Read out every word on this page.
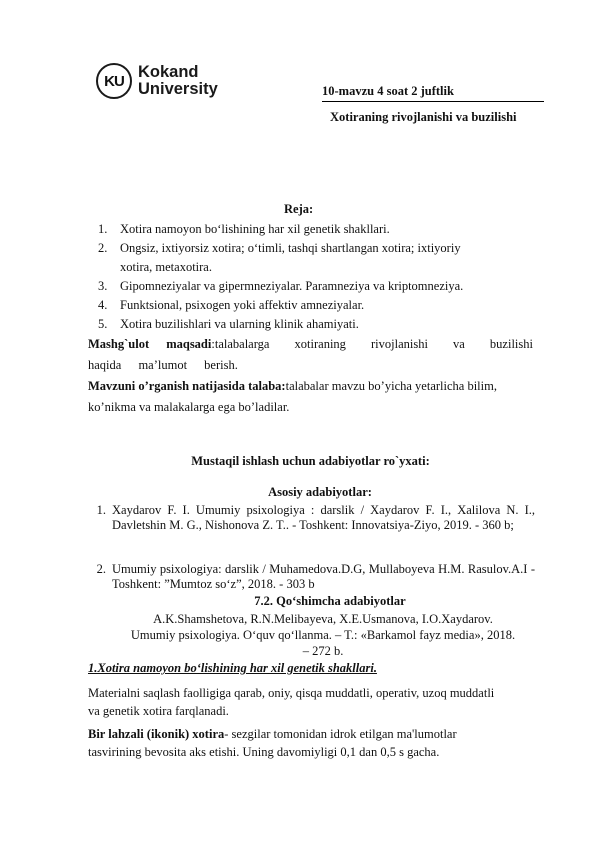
KU Kokand
University	10-mavzu 4 soat 2 juftlik
Xotiraning rivojlanishi va buzilishi
Reja:
1.	Xotira namoyon bo‘lishining har xil genetik shakllari.
2.	Ongsiz, ixtiyorsiz xotira; o‘timli, tashqi shartlangan xotira; ixtiyoriy
xotira, metaxotira.
3.	Gipomneziyalar va gipermneziyalar. Paramneziya va kriptomneziya.
4.	Funktsional, psixogen yoki affektiv amneziyalar.
5.	Xotira buzilishlari va ularning klinik ahamiyati.
Mashg`ulot maqsadi:talabalarga xotiraning rivojlanishi va buzilishi haqida ma’lumot berish.
Mavzuni o’rganish natijasida talaba:talabalar mavzu bo’yicha yetarlicha bilim, ko’nikma va malakalarga ega bo’ladilar.
Mustaqil ishlash uchun adabiyotlar ro`yxati:
Asosiy adabiyotlar:
1. Xaydarov F. I. Umumiy psixologiya : darslik / Xaydarov F. I., Xalilova N. I., Davletshin M. G., Nishonova Z. T.. - Toshkent: Innovatsiya-Ziyo, 2019. - 360 b;
2. Umumiy psixologiya: darslik / Muhamedova.D.G, Mullaboyeva H.M. Rasulov.A.I - Toshkent: ”Mumtoz so‘z”, 2018. - 303 b
7.2. Qo‘shimcha adabiyotlar
A.K.Shamshetova, R.N.Melibayeva, X.E.Usmanova, I.O.Xaydarov.
Umumiy psixologiya. O‘quv qo‘llanma. – T.: «Barkamol fayz media», 2018.
– 272 b.
1.Xotira namoyon bo‘lishining har xil genetik shakllari.
Materialni saqlash faolligiga qarab, oniy, qisqa muddatli, operativ, uzoq muddatli
va genetik xotira farqlanadi.
Bir lahzali (ikonik) xotira- sezgilar tomonidan idrok etilgan ma'lumotlar
tasvirining bevosita aks etishi. Uning davomiyligi 0,1 dan 0,5 s gacha.
